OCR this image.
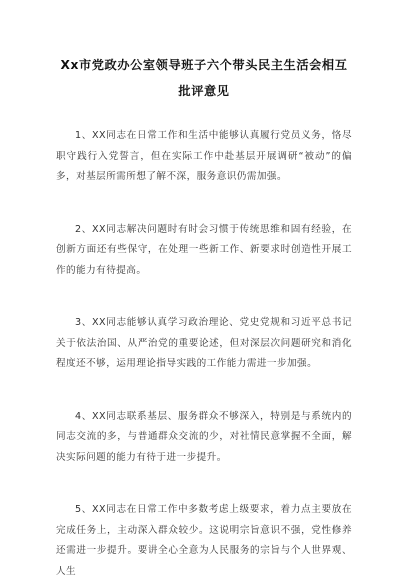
Xx市党政办公室领导班子六个带头民主生活会相互批评意见

1、XX同志在日常工作和生活中能够认真履行党员义务，恪尽职守践行入党誓言，但在实际工作中赴基层开展调研“被动”的偏多，对基层所需所想了解不深，服务意识仍需加强。

2、XX同志解决问题时有时会习惯于传统思维和固有经验，在创新方面还有些保守，在处理一些新工作、新要求时创造性开展工作的能力有待提高。

3、XX同志能够认真学习政治理论、党史党规和习近平总书记关于依法治国、从严治党的重要论述，但对深层次问题研究和消化程度还不够，运用理论指导实践的工作能力需进一步加强。

4、XX同志联系基层、服务群众不够深入，特别是与系统内的同志交流的多，与普通群众交流的少，对社情民意掌握不全面，解决实际问题的能力有待于进一步提升。

5、XX同志在日常工作中多数考虑上级要求，着力点主要放在完成任务上，主动深入群众较少。这说明宗旨意识不强，党性修养还需进一步提升。要讲全心全意为人民服务的宗旨与个人世界观、人生
